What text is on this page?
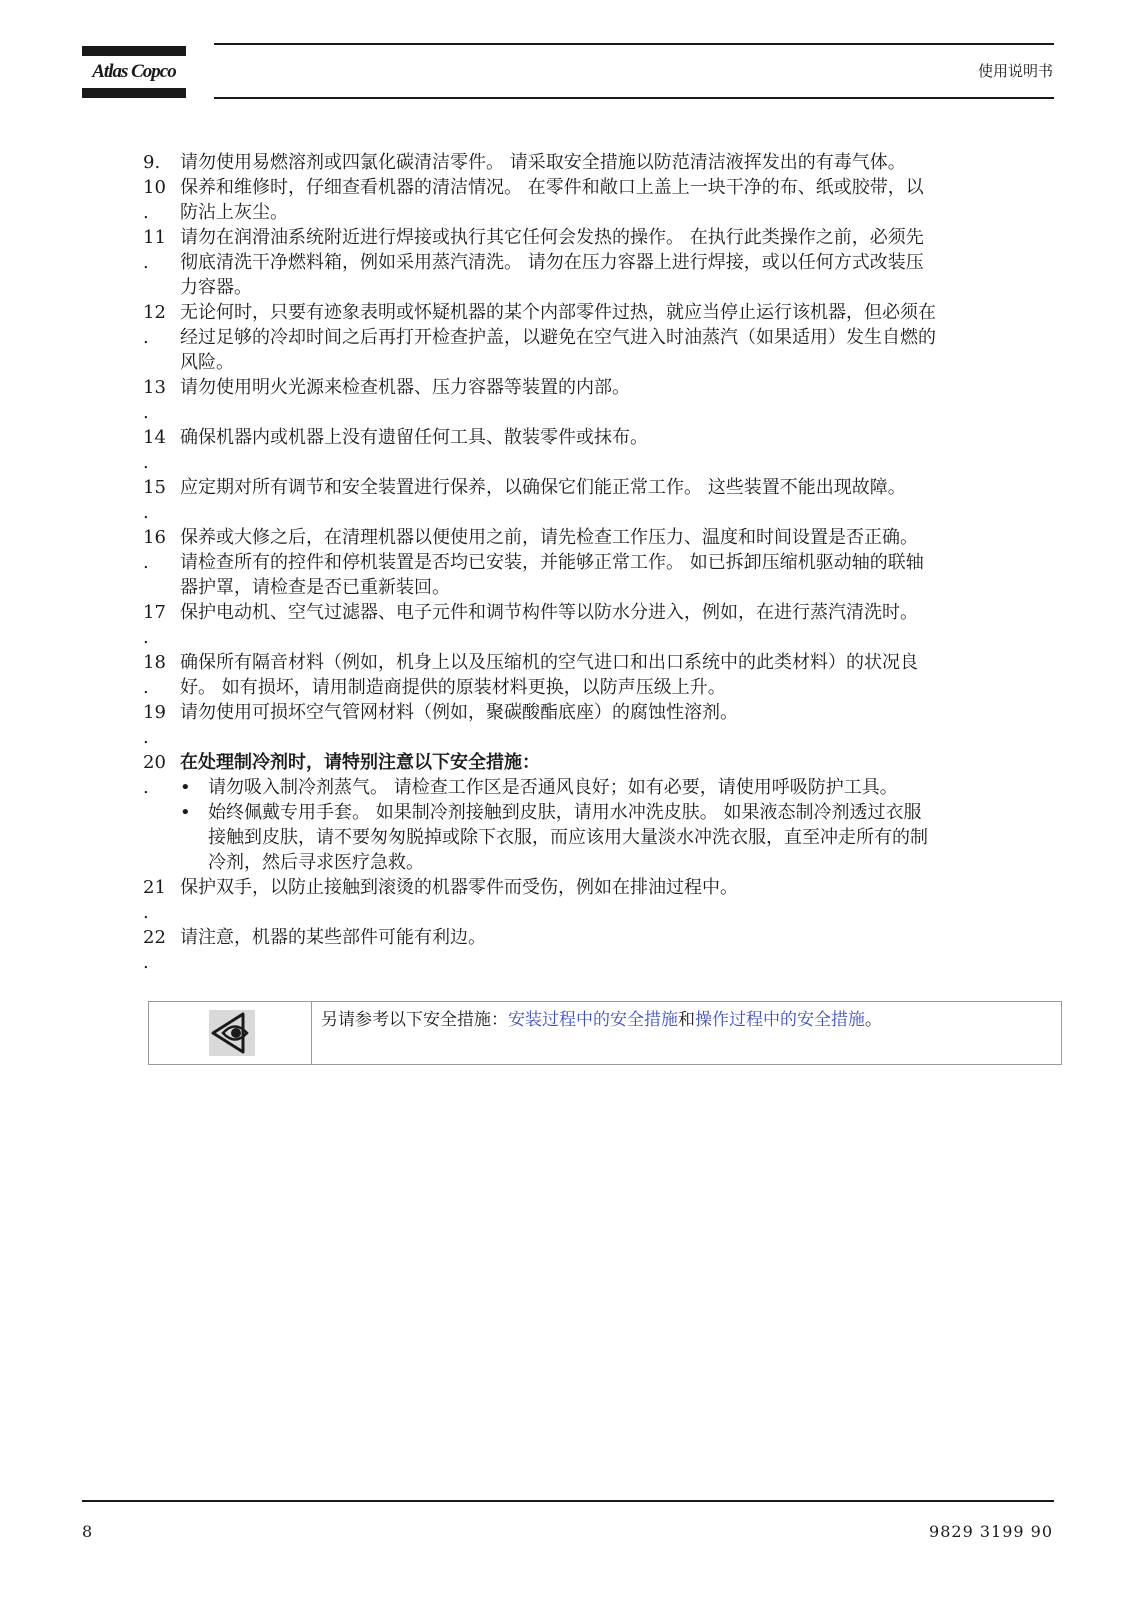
Atlas Copco	使用说明书
9.	请勿使用易燃溶剂或四氯化碳清洁零件。 请采取安全措施以防范清洁液挥发出的有毒气体。
10
.
保养和维修时，仔细查看机器的清洁情况。 在零件和敞口上盖上一块干净的布、纸或胶带，以
防沾上灰尘。
11
.
请勿在润滑油系统附近进行焊接或执行其它任何会发热的操作。 在执行此类操作之前，必须先
彻底清洗干净燃料箱，例如采用蒸汽清洗。 请勿在压力容器上进行焊接，或以任何方式改装压
力容器。
12
.
无论何时，只要有迹象表明或怀疑机器的某个内部零件过热，就应当停止运行该机器，但必须在
经过足够的冷却时间之后再打开检查护盖，以避免在空气进入时油蒸汽（如果适用）发生自燃的
风险。
13
.
请勿使用明火光源来检查机器、压力容器等装置的内部。
14
.
确保机器内或机器上没有遗留任何工具、散装零件或抹布。
15
.
应定期对所有调节和安全装置进行保养，以确保它们能正常工作。 这些装置不能出现故障。
16
.
保养或大修之后，在清理机器以便使用之前，请先检查工作压力、温度和时间设置是否正确。
请检查所有的控件和停机装置是否均已安装，并能够正常工作。 如已拆卸压缩机驱动轴的联轴
器护罩，请检查是否已重新装回。
17
.
保护电动机、空气过滤器、电子元件和调节构件等以防水分进入，例如，在进行蒸汽清洗时。
18
.
确保所有隔音材料（例如，机身上以及压缩机的空气进口和出口系统中的此类材料）的状况良
好。 如有损坏，请用制造商提供的原装材料更换，以防声压级上升。
19
.
请勿使用可损坏空气管网材料（例如，聚碳酸酯底座）的腐蚀性溶剂。
20
.
在处理制冷剂时，请特别注意以下安全措施：
• 请勿吸入制冷剂蒸气。 请检查工作区是否通风良好；如有必要，请使用呼吸防护工具。
• 始终佩戴专用手套。 如果制冷剂接触到皮肤，请用水冲洗皮肤。 如果液态制冷剂透过衣服
接触到皮肤，请不要匆匆脱掉或除下衣服，而应该用大量淡水冲洗衣服，直至冲走所有的制
冷剂，然后寻求医疗急救。
21
.
保护双手，以防止接触到滚烫的机器零件而受伤，例如在排油过程中。
22
.
请注意，机器的某些部件可能有利边。
另请参考以下安全措施：安装过程中的安全措施和操作过程中的安全措施。
8	9829 3199 90
